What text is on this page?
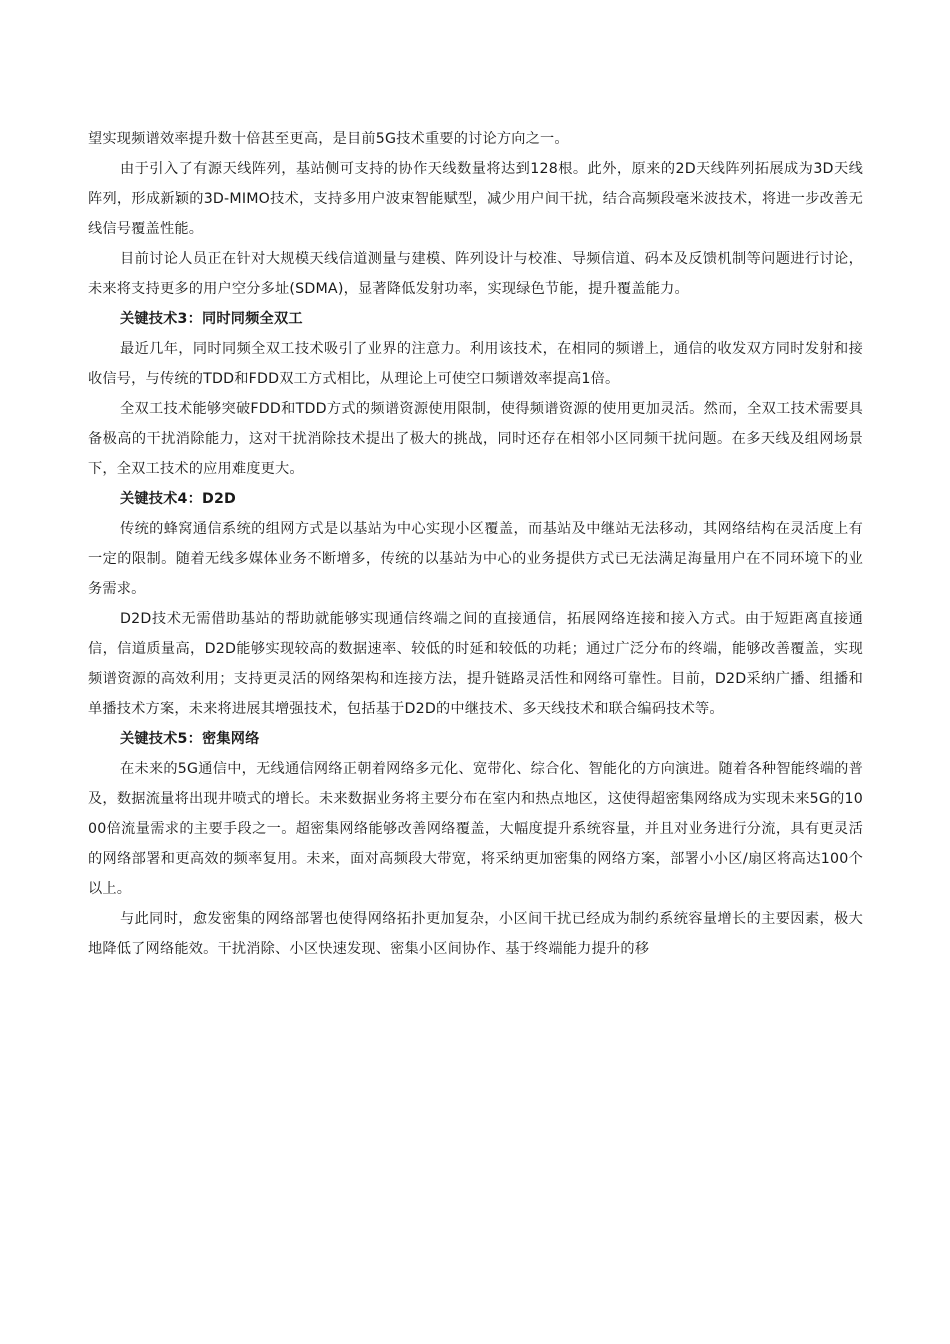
望实现频谱效率提升数十倍甚至更高，是目前5G技术重要的讨论方向之一。

由于引入了有源天线阵列，基站侧可支持的协作天线数量将达到128根。此外，原来的2D天线阵列拓展成为3D天线阵列，形成新颖的3D-MIMO技术，支持多用户波束智能赋型，减少用户间干扰，结合高频段毫米波技术，将进一步改善无线信号覆盖性能。

目前讨论人员正在针对大规模天线信道测量与建模、阵列设计与校准、导频信道、码本及反馈机制等问题进行讨论，未来将支持更多的用户空分多址(SDMA)，显著降低发射功率，实现绿色节能，提升覆盖能力。

关键技术3：同时同频全双工

最近几年，同时同频全双工技术吸引了业界的注意力。利用该技术，在相同的频谱上，通信的收发双方同时发射和接收信号，与传统的TDD和FDD双工方式相比，从理论上可使空口频谱效率提高1倍。

全双工技术能够突破FDD和TDD方式的频谱资源使用限制，使得频谱资源的使用更加灵活。然而，全双工技术需要具备极高的干扰消除能力，这对干扰消除技术提出了极大的挑战，同时还存在相邻小区同频干扰问题。在多天线及组网场景下，全双工技术的应用难度更大。

关键技术4：D2D

传统的蜂窝通信系统的组网方式是以基站为中心实现小区覆盖，而基站及中继站无法移动，其网络结构在灵活度上有一定的限制。随着无线多媒体业务不断增多，传统的以基站为中心的业务提供方式已无法满足海量用户在不同环境下的业务需求。

D2D技术无需借助基站的帮助就能够实现通信终端之间的直接通信，拓展网络连接和接入方式。由于短距离直接通信，信道质量高，D2D能够实现较高的数据速率、较低的时延和较低的功耗；通过广泛分布的终端，能够改善覆盖，实现频谱资源的高效利用；支持更灵活的网络架构和连接方法，提升链路灵活性和网络可靠性。目前，D2D采纳广播、组播和单播技术方案，未来将进展其增强技术，包括基于D2D的中继技术、多天线技术和联合编码技术等。

关键技术5：密集网络

在未来的5G通信中，无线通信网络正朝着网络多元化、宽带化、综合化、智能化的方向演进。随着各种智能终端的普及，数据流量将出现井喷式的增长。未来数据业务将主要分布在室内和热点地区，这使得超密集网络成为实现未来5G的1000倍流量需求的主要手段之一。超密集网络能够改善网络覆盖，大幅度提升系统容量，并且对业务进行分流，具有更灵活的网络部署和更高效的频率复用。未来，面对高频段大带宽，将采纳更加密集的网络方案，部署小小区/扇区将高达100个以上。

与此同时，愈发密集的网络部署也使得网络拓扑更加复杂，小区间干扰已经成为制约系统容量增长的主要因素，极大地降低了网络能效。干扰消除、小区快速发现、密集小区间协作、基于终端能力提升的移
